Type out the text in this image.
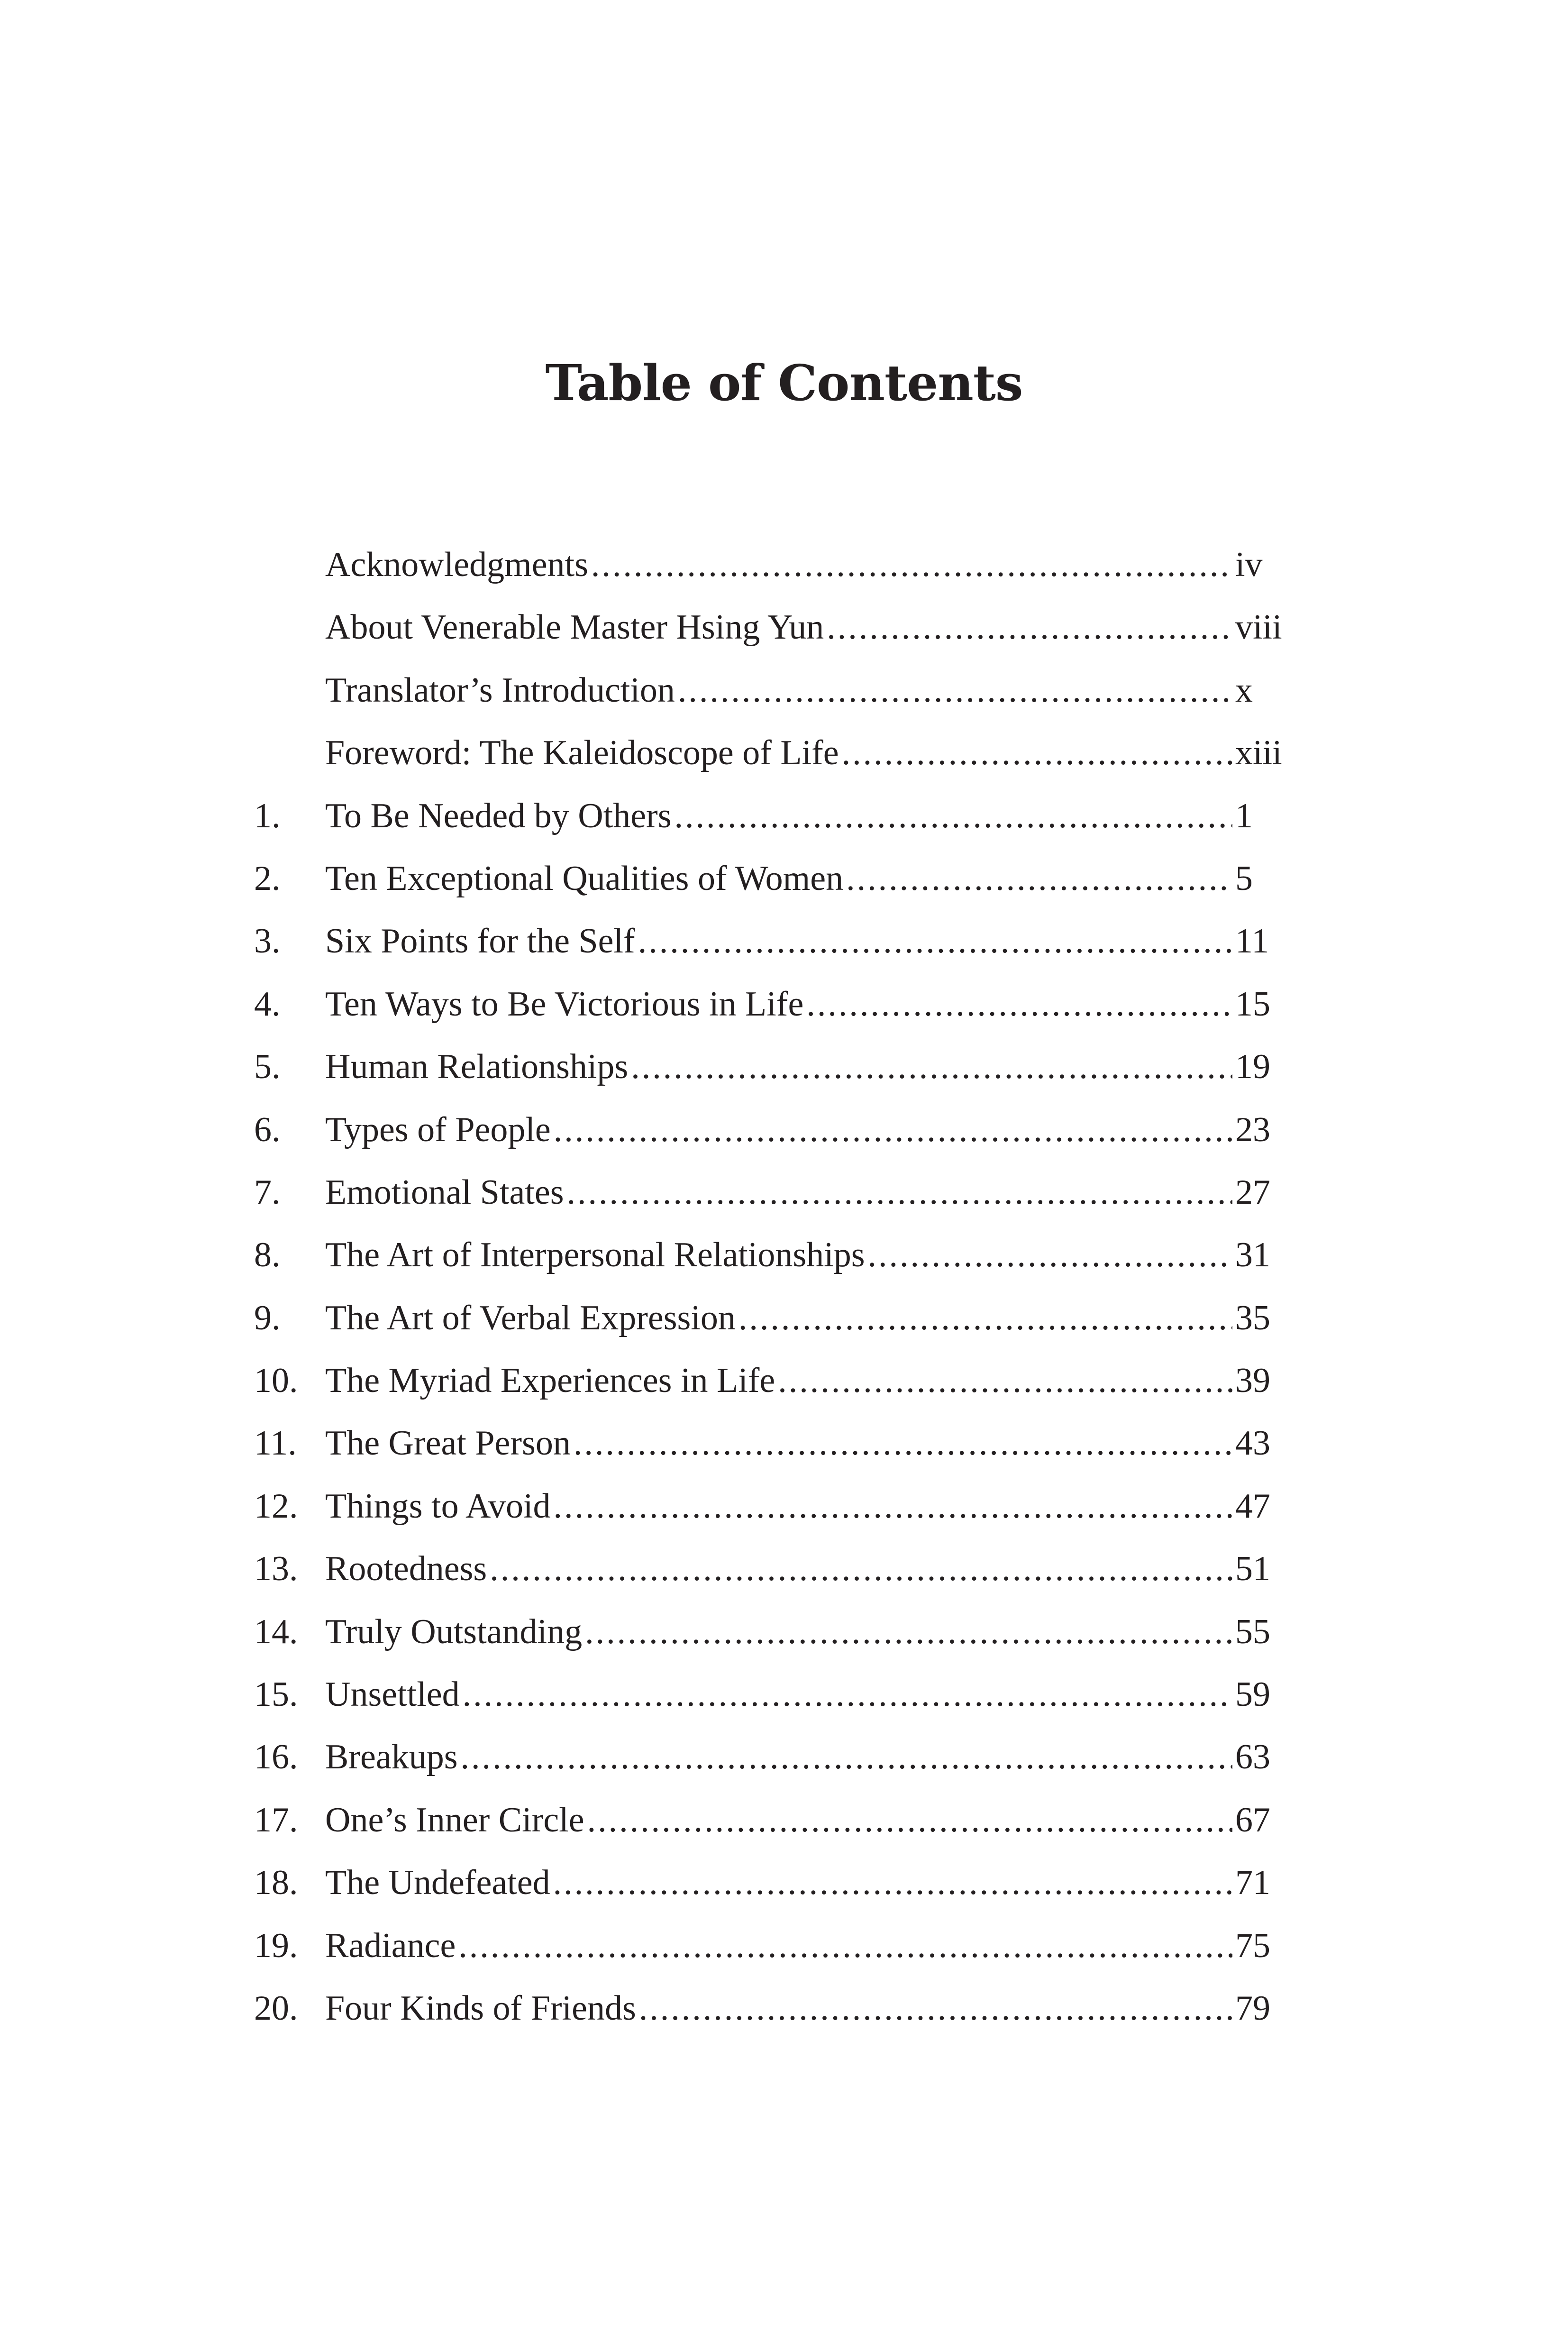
Table of Contents
Acknowledgments .....	iv
About Venerable Master Hsing Yun .....	viii
Translator’s Introduction .....	x
Foreword: The Kaleidoscope of Life .....	xiii
1.	To Be Needed by Others .....	1
2.	Ten Exceptional Qualities of Women .....	5
3.	Six Points for the Self .....	11
4.	Ten Ways to Be Victorious in Life .....	15
5.	Human Relationships .....	19
6.	Types of People .....	23
7.	Emotional States .....	27
8.	The Art of Interpersonal Relationships .....	31
9.	The Art of Verbal Expression .....	35
10. The Myriad Experiences in Life .....	39
11. The Great Person .....	43
12. Things to Avoid .....	47
13. Rootedness .....	51
14. Truly Outstanding .....	55
15. Unsettled .....	59
16. Breakups .....	63
17. One’s Inner Circle .....	67
18. The Undefeated .....	71
19. Radiance .....	75
20. Four Kinds of Friends .....	79
